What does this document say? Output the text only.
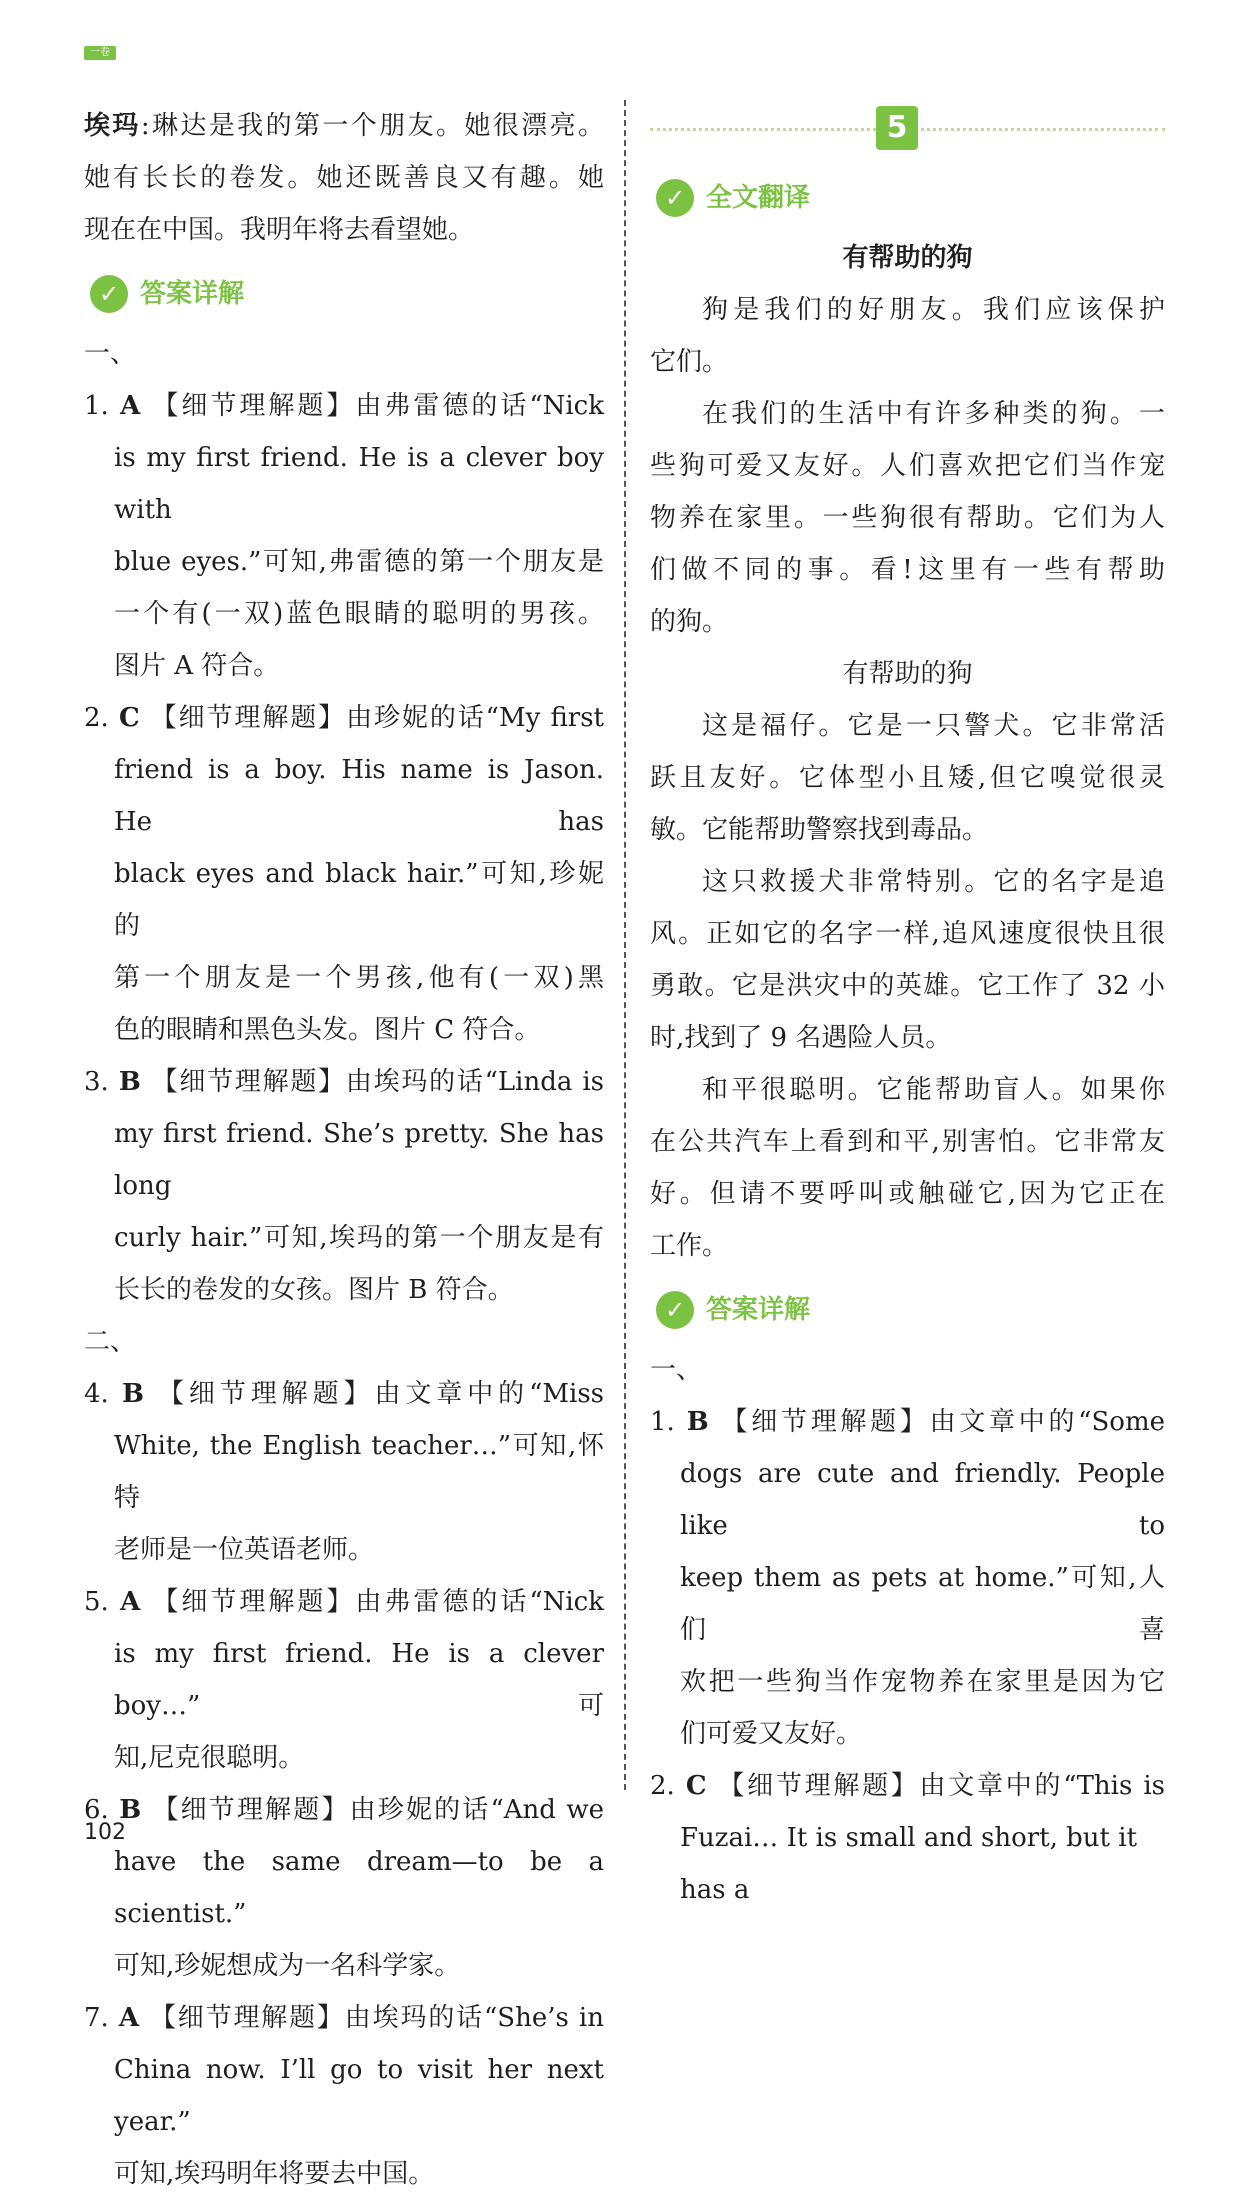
一卷

埃玛:琳达是我的第一个朋友。她很漂亮。

她有长长的卷发。她还既善良又有趣。她

现在在中国。我明年将去看望她。

✓ 答案详解

一、

1. A 【细节理解题】由弗雷德的话“Nick

is my first friend. He is a clever boy with

blue eyes.”可知,弗雷德的第一个朋友是

一个有(一双)蓝色眼睛的聪明的男孩。

图片 A 符合。

2. C 【细节理解题】由珍妮的话“My first

friend is a boy. His name is Jason. He has

black eyes and black hair.”可知,珍妮的

第一个朋友是一个男孩,他有(一双)黑

色的眼睛和黑色头发。图片 C 符合。

3. B 【细节理解题】由埃玛的话“Linda is

my first friend. She’s pretty. She has long

curly hair.”可知,埃玛的第一个朋友是有

长长的卷发的女孩。图片 B 符合。

二、

4. B 【细节理解题】由文章中的“Miss

White, the English teacher…”可知,怀特

老师是一位英语老师。

5. A 【细节理解题】由弗雷德的话“Nick

is my first friend. He is a clever boy…”可

知,尼克很聪明。

6. B 【细节理解题】由珍妮的话“And we

have the same dream—to be a scientist.”

可知,珍妮想成为一名科学家。

7. A 【细节理解题】由埃玛的话“She’s in

China now. I’ll go to visit her next year.”

可知,埃玛明年将要去中国。

5
✓ 全文翻译

有帮助的狗

狗是我们的好朋友。我们应该保护

它们。

在我们的生活中有许多种类的狗。一

些狗可爱又友好。人们喜欢把它们当作宠

物养在家里。一些狗很有帮助。它们为人

们做不同的事。看!这里有一些有帮助

的狗。

有帮助的狗

这是福仔。它是一只警犬。它非常活

跃且友好。它体型小且矮,但它嗅觉很灵

敏。它能帮助警察找到毒品。

这只救援犬非常特别。它的名字是追

风。正如它的名字一样,追风速度很快且很

勇敢。它是洪灾中的英雄。它工作了 32 小

时,找到了 9 名遇险人员。

和平很聪明。它能帮助盲人。如果你

在公共汽车上看到和平,别害怕。它非常友

好。但请不要呼叫或触碰它,因为它正在

工作。

✓ 答案详解

一、

1. B 【细节理解题】由文章中的“Some

dogs are cute and friendly. People like to

keep them as pets at home.”可知,人们喜

欢把一些狗当作宠物养在家里是因为它

们可爱又友好。

2. C 【细节理解题】由文章中的“This is

Fuzai… It is small and short, but it has a

102
